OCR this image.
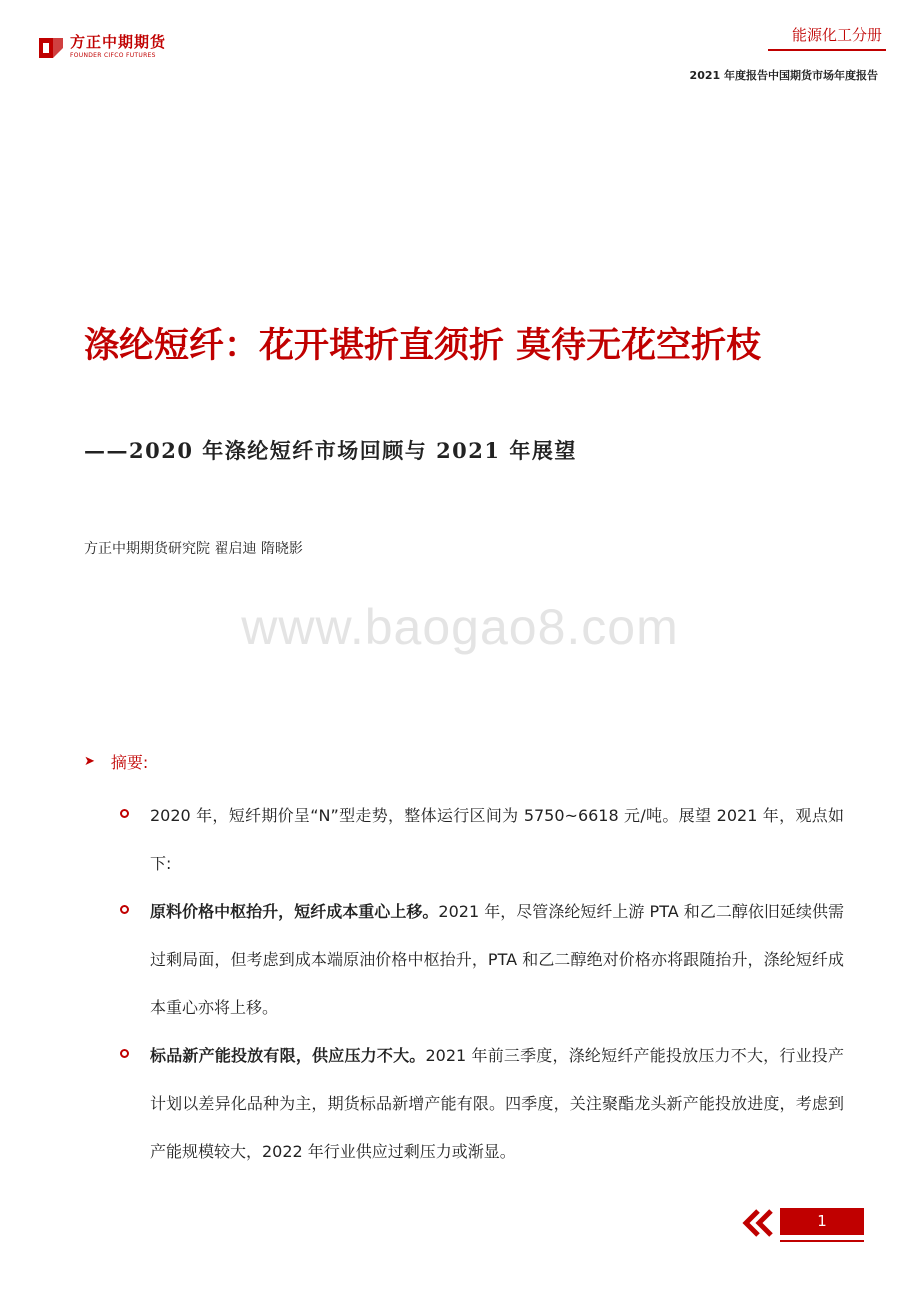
方正中期期货
FOUNDER CIFCO FUTURES
能源化工分册
2021 年度报告中国期货市场年度报告
涤纶短纤：花开堪折直须折 莫待无花空折枝
——2020 年涤纶短纤市场回顾与 2021 年展望
方正中期期货研究院 翟启迪 隋晓影
www.baogao8.com
➤ 摘要:
2020 年，短纤期价呈“N”型走势，整体运行区间为 5750~6618 元/吨。展望 2021 年，观点如下:
原料价格中枢抬升，短纤成本重心上移。2021 年，尽管涤纶短纤上游 PTA 和乙二醇依旧延续供需过剩局面，但考虑到成本端原油价格中枢抬升，PTA 和乙二醇绝对价格亦将跟随抬升，涤纶短纤成本重心亦将上移。
标品新产能投放有限，供应压力不大。2021 年前三季度，涤纶短纤产能投放压力不大，行业投产计划以差异化品种为主，期货标品新增产能有限。四季度，关注聚酯龙头新产能投放进度，考虑到产能规模较大，2022 年行业供应过剩压力或渐显。
1
